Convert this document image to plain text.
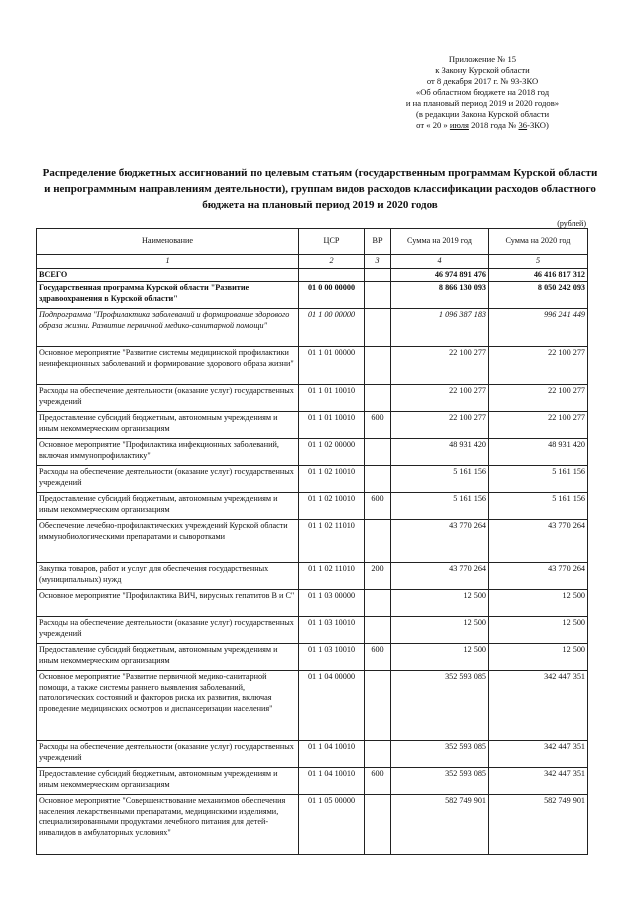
Приложение № 15
к Закону Курской области
от 8 декабря 2017 г. № 93-ЗКО
«Об областном бюджете на 2018 год
и на плановый период 2019 и 2020 годов»
(в редакции Закона Курской области
от « 20 » июля 2018 года № 36-ЗКО)
Распределение бюджетных ассигнований по целевым статьям (государственным программам Курской области и непрограммным направлениям деятельности), группам видов расходов классификации расходов областного бюджета на плановый период 2019 и 2020 годов
(рублей)
Наименование	ЦСР	ВР	Сумма на 2019 год	Сумма на 2020 год
1	2	3	4	5
ВСЕГО			46 974 891 476	46 416 817 312
Государственная программа Курской области "Развитие здравоохранения в Курской области"	01 0 00 00000		8 866 130 093	8 050 242 093
Подпрограмма "Профилактика заболеваний и формирование здорового образа жизни. Развитие первичной медико-санитарной помощи"	01 1 00 00000		1 096 387 183	996 241 449
Основное мероприятие "Развитие системы медицинской профилактики неинфекционных заболеваний и формирование здорового образа жизни"	01 1 01 00000		22 100 277	22 100 277
Расходы на обеспечение деятельности (оказание услуг) государственных учреждений	01 1 01 10010		22 100 277	22 100 277
Предоставление субсидий бюджетным, автономным учреждениям и иным некоммерческим организациям	01 1 01 10010	600	22 100 277	22 100 277
Основное мероприятие "Профилактика инфекционных заболеваний, включая иммунопрофилактику"	01 1 02 00000		48 931 420	48 931 420
Расходы на обеспечение деятельности (оказание услуг) государственных учреждений	01 1 02 10010		5 161 156	5 161 156
Предоставление субсидий бюджетным, автономным учреждениям и иным некоммерческим организациям	01 1 02 10010	600	5 161 156	5 161 156
Обеспечение лечебно-профилактических учреждений Курской области иммунобиологическими препаратами и сыворотками	01 1 02 11010		43 770 264	43 770 264
Закупка товаров, работ и услуг для обеспечения государственных (муниципальных) нужд	01 1 02 11010	200	43 770 264	43 770 264
Основное мероприятие "Профилактика ВИЧ, вирусных гепатитов В и С"	01 1 03 00000		12 500	12 500
Расходы на обеспечение деятельности (оказание услуг) государственных учреждений	01 1 03 10010		12 500	12 500
Предоставление субсидий бюджетным, автономным учреждениям и иным некоммерческим организациям	01 1 03 10010	600	12 500	12 500
Основное мероприятие "Развитие первичной медико-санитарной помощи, а также системы раннего выявления заболеваний, патологических состояний и факторов риска их развития, включая проведение медицинских осмотров и диспансеризации населения"	01 1 04 00000		352 593 085	342 447 351
Расходы на обеспечение деятельности (оказание услуг) государственных учреждений	01 1 04 10010		352 593 085	342 447 351
Предоставление субсидий бюджетным, автономным учреждениям и иным некоммерческим организациям	01 1 04 10010	600	352 593 085	342 447 351
Основное мероприятие "Совершенствование механизмов обеспечения населения лекарственными препаратами, медицинскими изделиями, специализированными продуктами лечебного питания для детей-инвалидов в амбулаторных условиях"	01 1 05 00000		582 749 901	582 749 901
